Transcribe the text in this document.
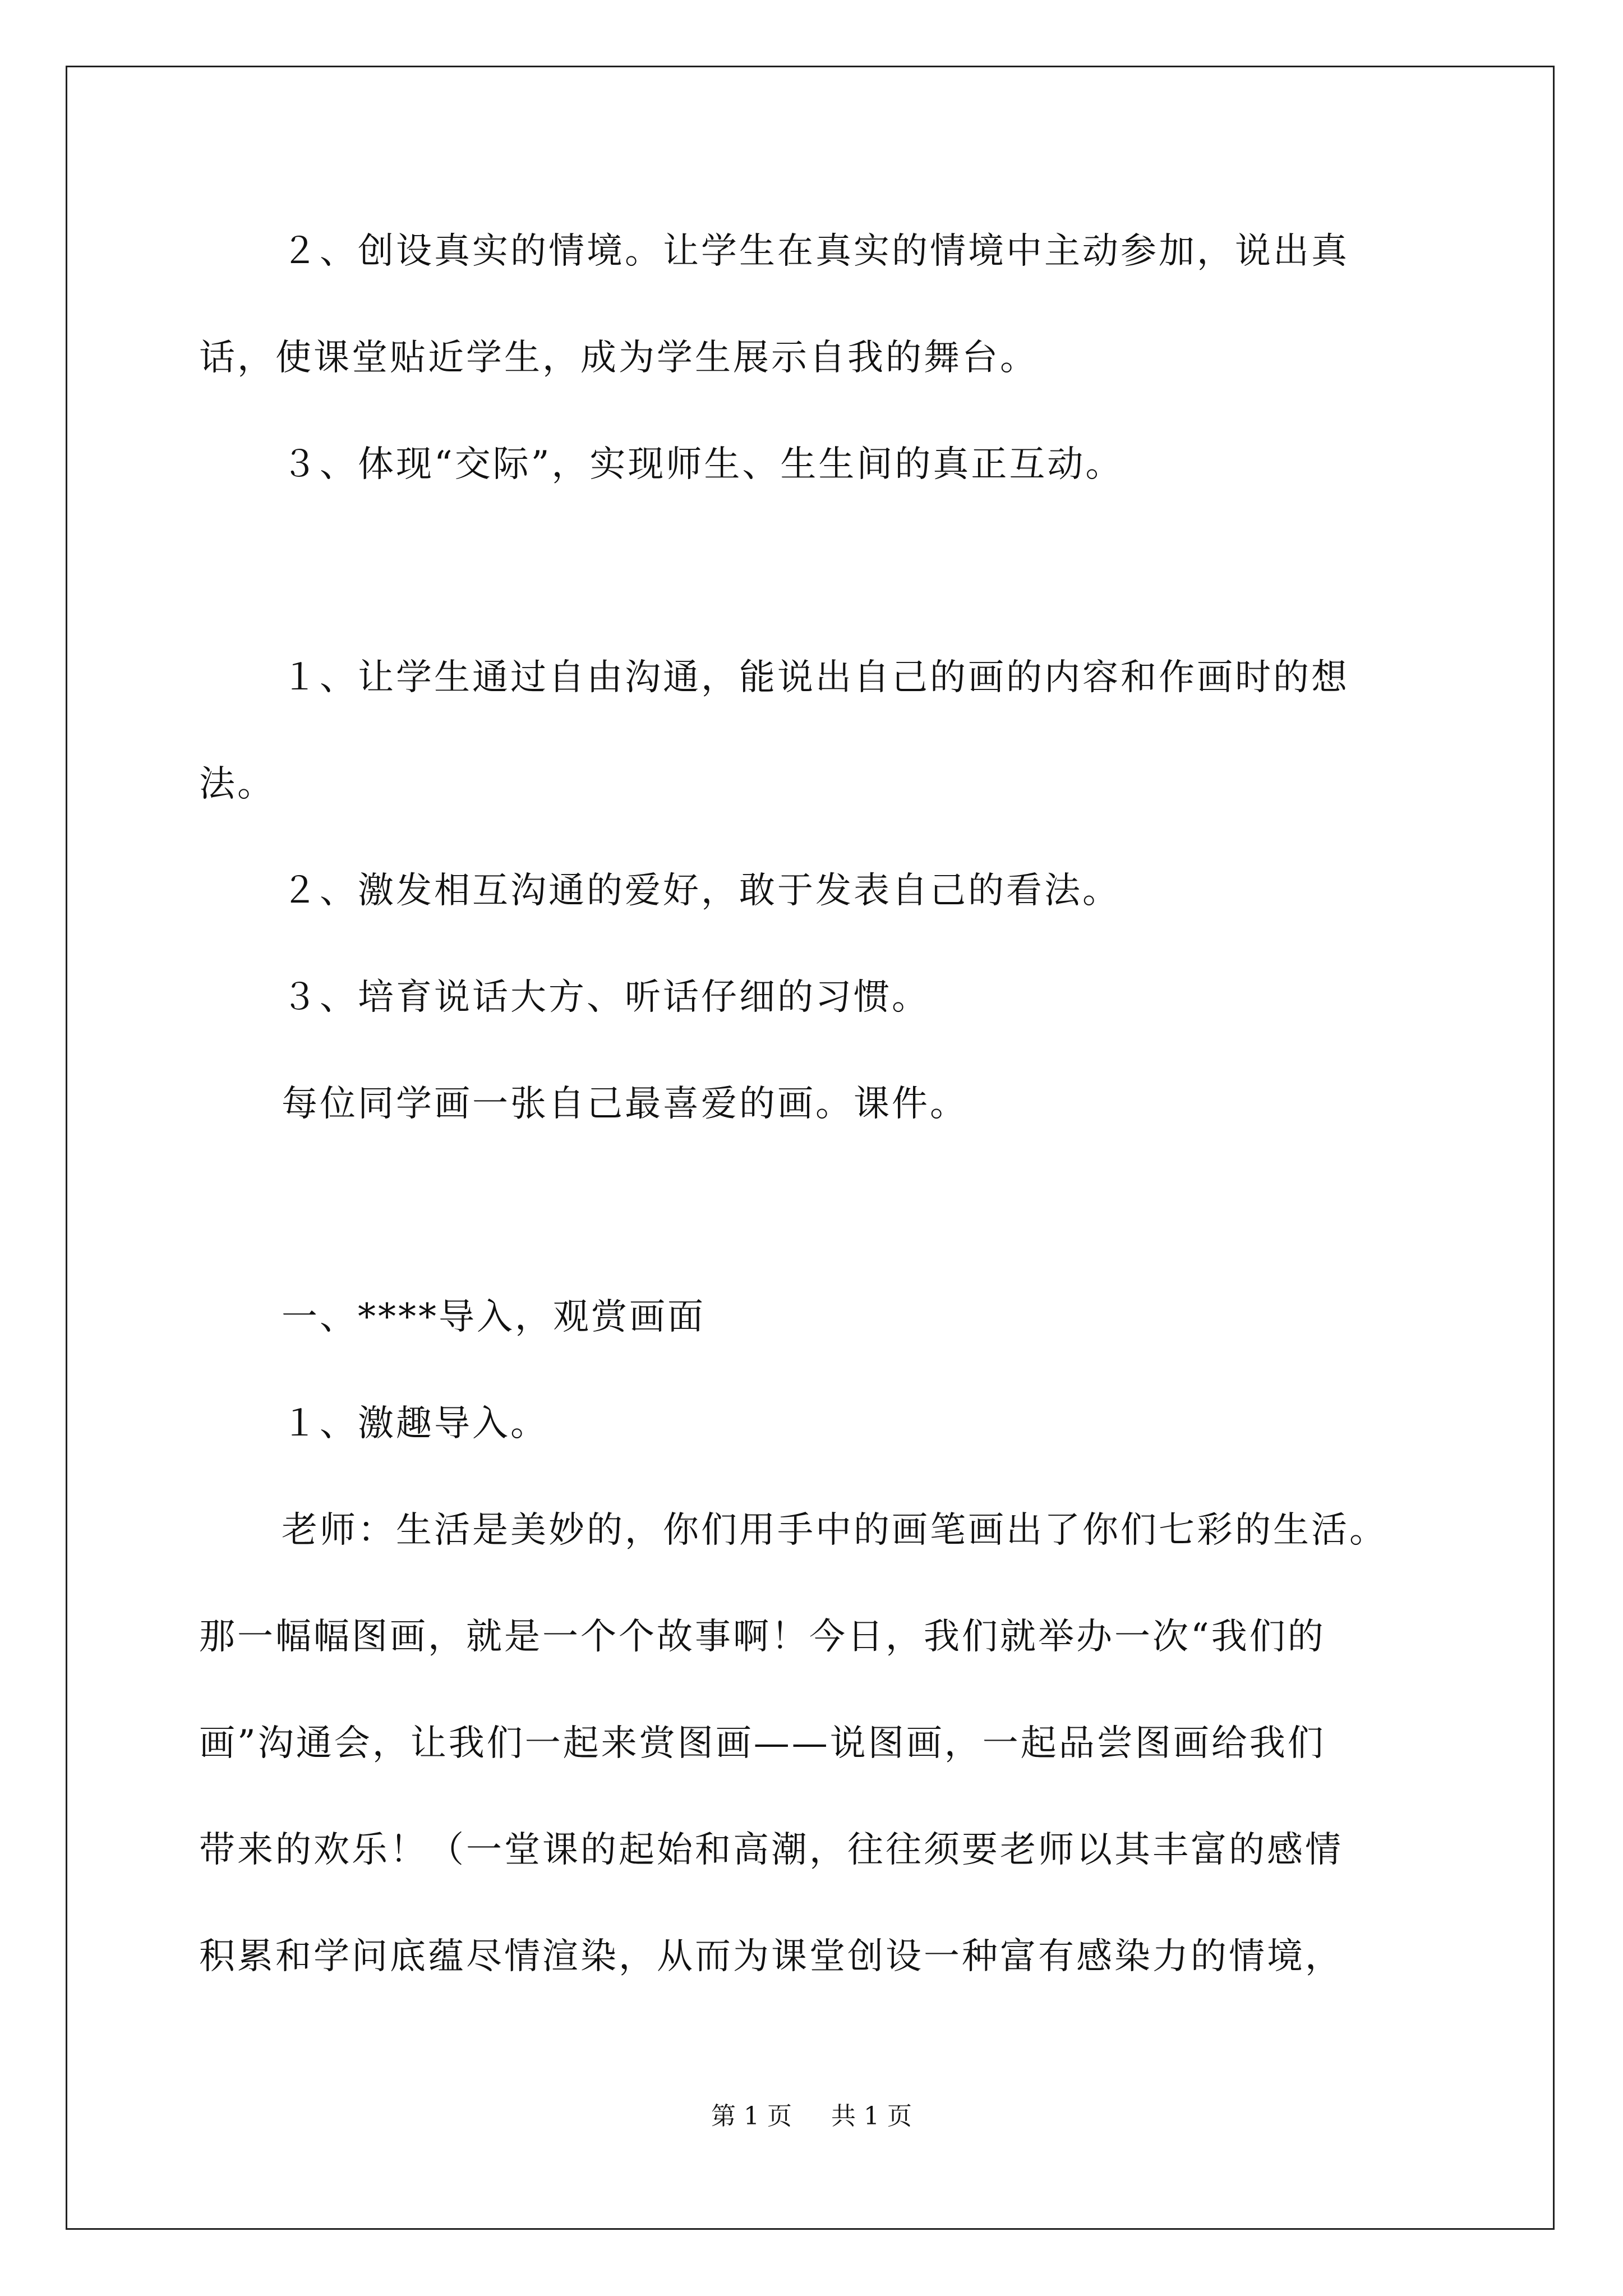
２、创设真实的情境。让学生在真实的情境中主动参加，说出真
话，使课堂贴近学生，成为学生展示自我的舞台。
３、体现“交际”，实现师生、生生间的真正互动。
１、让学生通过自由沟通，能说出自己的画的内容和作画时的想
法。
２、激发相互沟通的爱好，敢于发表自己的看法。
３、培育说话大方、听话仔细的习惯。
每位同学画一张自己最喜爱的画。课件。
一、****导入，观赏画面
１、激趣导入。
老师：生活是美妙的，你们用手中的画笔画出了你们七彩的生活。
那一幅幅图画，就是一个个故事啊！今日，我们就举办一次“我们的
画”沟通会，让我们一起来赏图画——说图画，一起品尝图画给我们
带来的欢乐！（一堂课的起始和高潮，往往须要老师以其丰富的感情
积累和学问底蕴尽情渲染，从而为课堂创设一种富有感染力的情境，
第 1 页 共 1 页
